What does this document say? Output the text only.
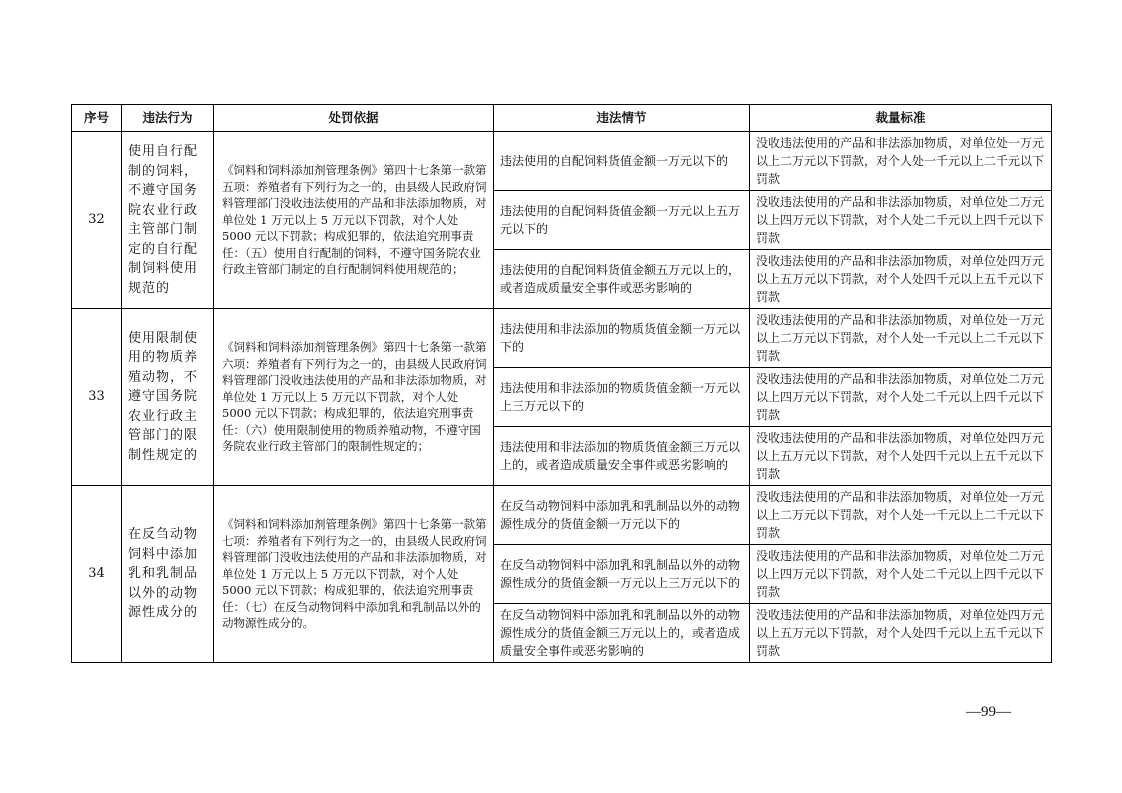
序号	违法行为	处罚依据	违法情节	裁量标准
32	使用自行配制的饲料，不遵守国务院农业行政主管部门制定的自行配制饲料使用规范的	《饲料和饲料添加剂管理条例》第四十七条第一款第五项：养殖者有下列行为之一的，由县级人民政府饲料管理部门没收违法使用的产品和非法添加物质，对单位处 1 万元以上 5 万元以下罚款，对个人处 5000 元以下罚款；构成犯罪的，依法追究刑事责任：（五）使用自行配制的饲料，不遵守国务院农业行政主管部门制定的自行配制饲料使用规范的；	违法使用的自配饲料货值金额一万元以下的	没收违法使用的产品和非法添加物质，对单位处一万元以上二万元以下罚款，对个人处一千元以上二千元以下罚款
			违法使用的自配饲料货值金额一万元以上五万元以下的	没收违法使用的产品和非法添加物质，对单位处二万元以上四万元以下罚款，对个人处二千元以上四千元以下罚款
			违法使用的自配饲料货值金额五万元以上的，或者造成质量安全事件或恶劣影响的	没收违法使用的产品和非法添加物质，对单位处四万元以上五万元以下罚款，对个人处四千元以上五千元以下罚款
33	使用限制使用的物质养殖动物，不遵守国务院农业行政主管部门的限制性规定的	《饲料和饲料添加剂管理条例》第四十七条第一款第六项：养殖者有下列行为之一的，由县级人民政府饲料管理部门没收违法使用的产品和非法添加物质，对单位处 1 万元以上 5 万元以下罚款，对个人处 5000 元以下罚款；构成犯罪的，依法追究刑事责任：（六）使用限制使用的物质养殖动物，不遵守国务院农业行政主管部门的限制性规定的；	违法使用和非法添加的物质货值金额一万元以下的	没收违法使用的产品和非法添加物质，对单位处一万元以上二万元以下罚款，对个人处一千元以上二千元以下罚款
			违法使用和非法添加的物质货值金额一万元以上三万元以下的	没收违法使用的产品和非法添加物质，对单位处二万元以上四万元以下罚款，对个人处二千元以上四千元以下罚款
			违法使用和非法添加的物质货值金额三万元以上的，或者造成质量安全事件或恶劣影响的	没收违法使用的产品和非法添加物质，对单位处四万元以上五万元以下罚款，对个人处四千元以上五千元以下罚款
34	在反刍动物饲料中添加乳和乳制品以外的动物源性成分的	《饲料和饲料添加剂管理条例》第四十七条第一款第七项：养殖者有下列行为之一的，由县级人民政府饲料管理部门没收违法使用的产品和非法添加物质，对单位处 1 万元以上 5 万元以下罚款，对个人处 5000 元以下罚款；构成犯罪的，依法追究刑事责任：（七）在反刍动物饲料中添加乳和乳制品以外的动物源性成分的。	在反刍动物饲料中添加乳和乳制品以外的动物源性成分的货值金额一万元以下的	没收违法使用的产品和非法添加物质，对单位处一万元以上二万元以下罚款，对个人处一千元以上二千元以下罚款
			在反刍动物饲料中添加乳和乳制品以外的动物源性成分的货值金额一万元以上三万元以下的	没收违法使用的产品和非法添加物质，对单位处二万元以上四万元以下罚款，对个人处二千元以上四千元以下罚款
			在反刍动物饲料中添加乳和乳制品以外的动物源性成分的货值金额三万元以上的，或者造成质量安全事件或恶劣影响的	没收违法使用的产品和非法添加物质，对单位处四万元以上五万元以下罚款，对个人处四千元以上五千元以下罚款
—99—
